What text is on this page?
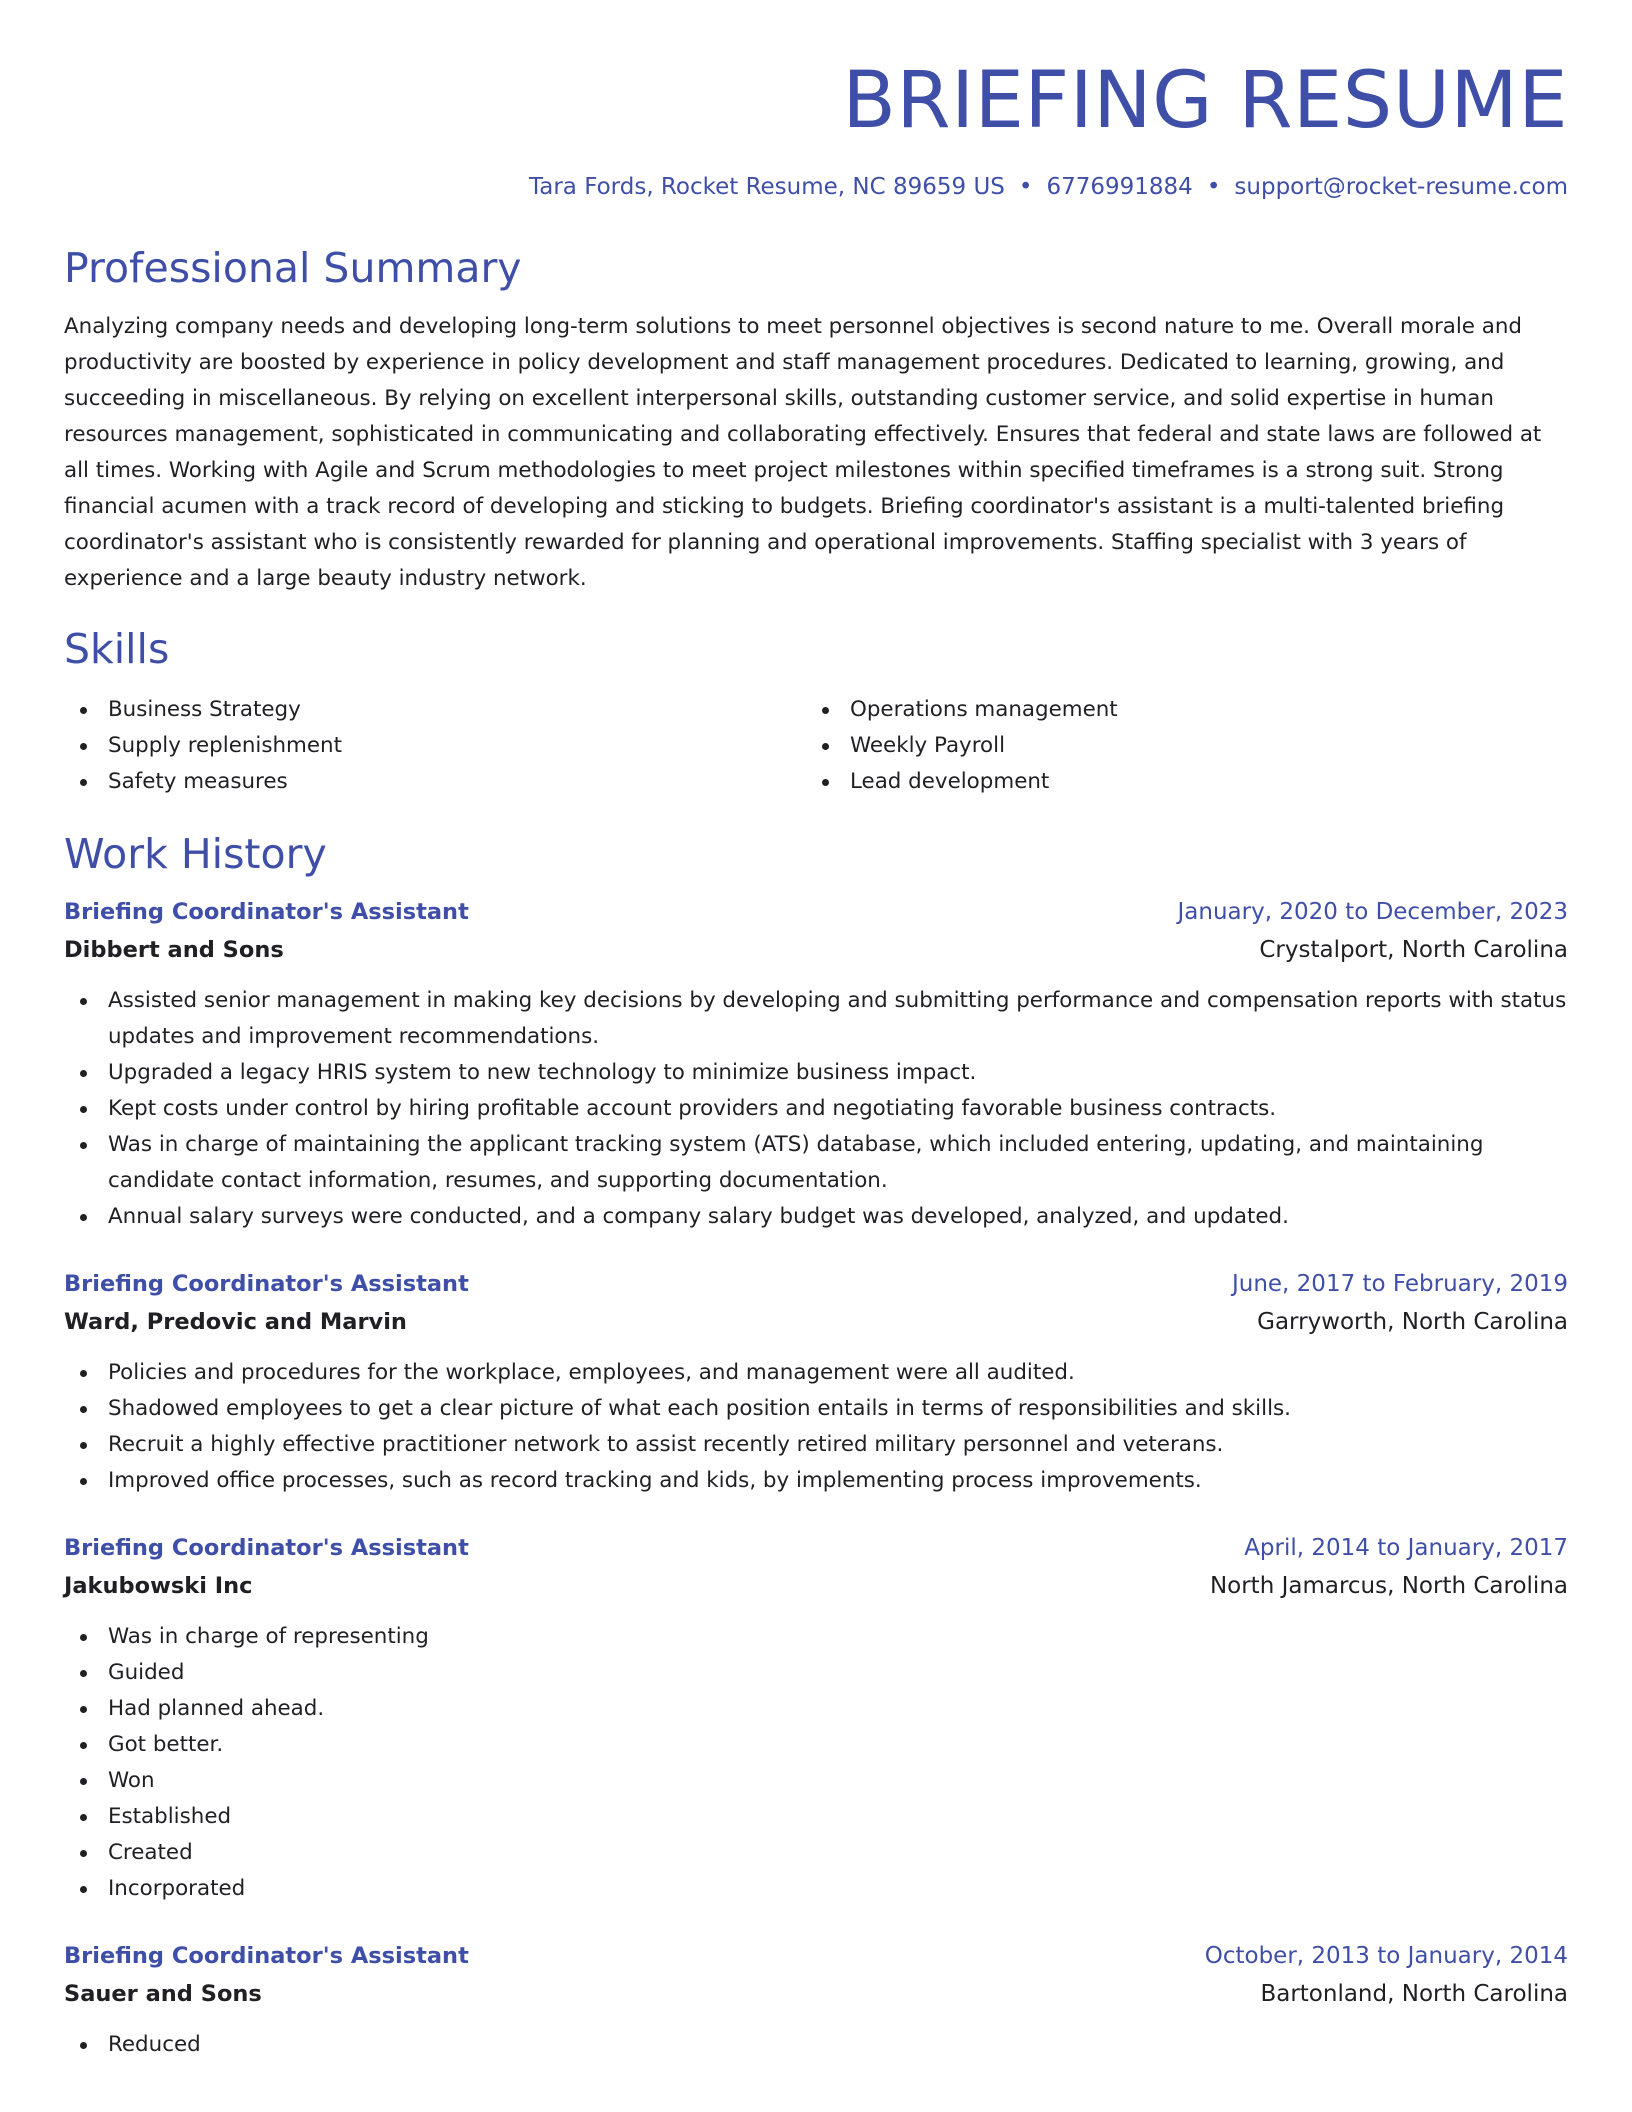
BRIEFING RESUME
Tara Fords, Rocket Resume, NC 89659 US • 6776991884 • support@rocket-resume.com
Professional Summary

Analyzing company needs and developing long-term solutions to meet personnel objectives is second nature to me. Overall morale and productivity are boosted by experience in policy development and staff management procedures. Dedicated to learning, growing, and succeeding in miscellaneous. By relying on excellent interpersonal skills, outstanding customer service, and solid expertise in human resources management, sophisticated in communicating and collaborating effectively. Ensures that federal and state laws are followed at all times. Working with Agile and Scrum methodologies to meet project milestones within specified timeframes is a strong suit. Strong financial acumen with a track record of developing and sticking to budgets. Briefing coordinator's assistant is a multi-talented briefing coordinator's assistant who is consistently rewarded for planning and operational improvements. Staffing specialist with 3 years of experience and a large beauty industry network.

Skills
Business Strategy
Supply replenishment
Safety measures
Operations management
Weekly Payroll
Lead development
Work History
Briefing Coordinator's Assistant	January, 2020 to December, 2023
Dibbert and Sons	Crystalport, North Carolina
Assisted senior management in making key decisions by developing and submitting performance and compensation reports with status updates and improvement recommendations.
Upgraded a legacy HRIS system to new technology to minimize business impact.
Kept costs under control by hiring profitable account providers and negotiating favorable business contracts.
Was in charge of maintaining the applicant tracking system (ATS) database, which included entering, updating, and maintaining candidate contact information, resumes, and supporting documentation.
Annual salary surveys were conducted, and a company salary budget was developed, analyzed, and updated.
Briefing Coordinator's Assistant	June, 2017 to February, 2019
Ward, Predovic and Marvin	Garryworth, North Carolina
Policies and procedures for the workplace, employees, and management were all audited.
Shadowed employees to get a clear picture of what each position entails in terms of responsibilities and skills.
Recruit a highly effective practitioner network to assist recently retired military personnel and veterans.
Improved office processes, such as record tracking and kids, by implementing process improvements.
Briefing Coordinator's Assistant	April, 2014 to January, 2017
Jakubowski Inc	North Jamarcus, North Carolina
Was in charge of representing
Guided
Had planned ahead.
Got better.
Won
Established
Created
Incorporated
Briefing Coordinator's Assistant	October, 2013 to January, 2014
Sauer and Sons	Bartonland, North Carolina
Reduced
